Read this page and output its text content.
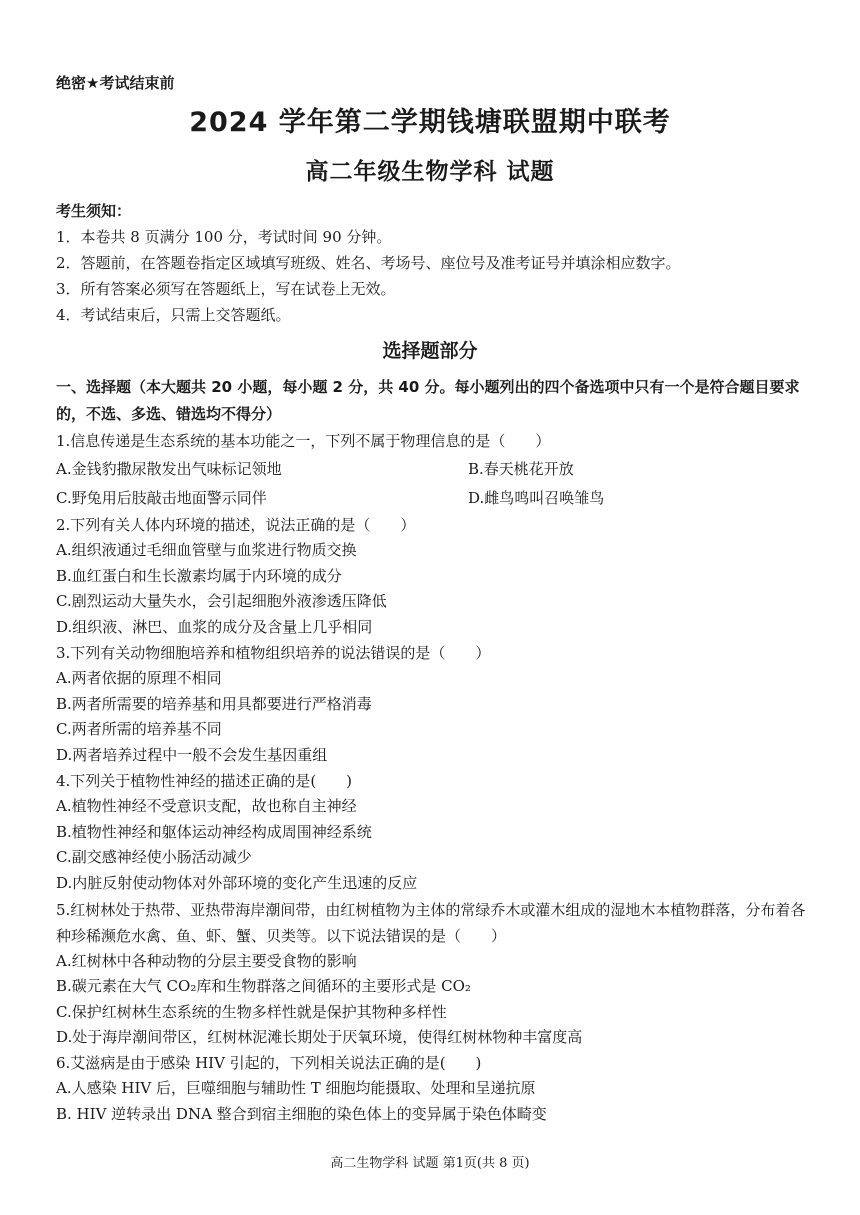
绝密★考试结束前
2024 学年第二学期钱塘联盟期中联考
高二年级生物学科 试题
考生须知：
1．本卷共 8 页满分 100 分，考试时间 90 分钟。
2．答题前，在答题卷指定区域填写班级、姓名、考场号、座位号及准考证号并填涂相应数字。
3．所有答案必须写在答题纸上，写在试卷上无效。
4．考试结束后，只需上交答题纸。
选择题部分
一、选择题（本大题共 20 小题，每小题 2 分，共 40 分。每小题列出的四个备选项中只有一个是符合题目要求的，不选、多选、错选均不得分）
1.信息传递是生态系统的基本功能之一，下列不属于物理信息的是（　　）
A.金钱豹撒尿散发出气味标记领地	B.春天桃花开放
C.野兔用后肢敲击地面警示同伴	D.雌鸟鸣叫召唤雏鸟
2.下列有关人体内环境的描述，说法正确的是（　　）
A.组织液通过毛细血管壁与血浆进行物质交换
B.血红蛋白和生长激素均属于内环境的成分
C.剧烈运动大量失水，会引起细胞外液渗透压降低
D.组织液、淋巴、血浆的成分及含量上几乎相同
3.下列有关动物细胞培养和植物组织培养的说法错误的是（　　）
A.两者依据的原理不相同
B.两者所需要的培养基和用具都要进行严格消毒
C.两者所需的培养基不同
D.两者培养过程中一般不会发生基因重组
4.下列关于植物性神经的描述正确的是(　　)
A.植物性神经不受意识支配，故也称自主神经
B.植物性神经和躯体运动神经构成周围神经系统
C.副交感神经使小肠活动减少
D.内脏反射使动物体对外部环境的变化产生迅速的反应
5.红树林处于热带、亚热带海岸潮间带，由红树植物为主体的常绿乔木或灌木组成的湿地木本植物群落，分布着各种珍稀濒危水禽、鱼、虾、蟹、贝类等。以下说法错误的是（　　）
A.红树林中各种动物的分层主要受食物的影响
B.碳元素在大气 CO₂库和生物群落之间循环的主要形式是 CO₂
C.保护红树林生态系统的生物多样性就是保护其物种多样性
D.处于海岸潮间带区，红树林泥滩长期处于厌氧环境，使得红树林物种丰富度高
6.艾滋病是由于感染 HIV 引起的，下列相关说法正确的是(　　)
A.人感染 HIV 后，巨噬细胞与辅助性 T 细胞均能摄取、处理和呈递抗原
B. HIV 逆转录出 DNA 整合到宿主细胞的染色体上的变异属于染色体畸变
高二生物学科 试题 第1页(共 8 页)
